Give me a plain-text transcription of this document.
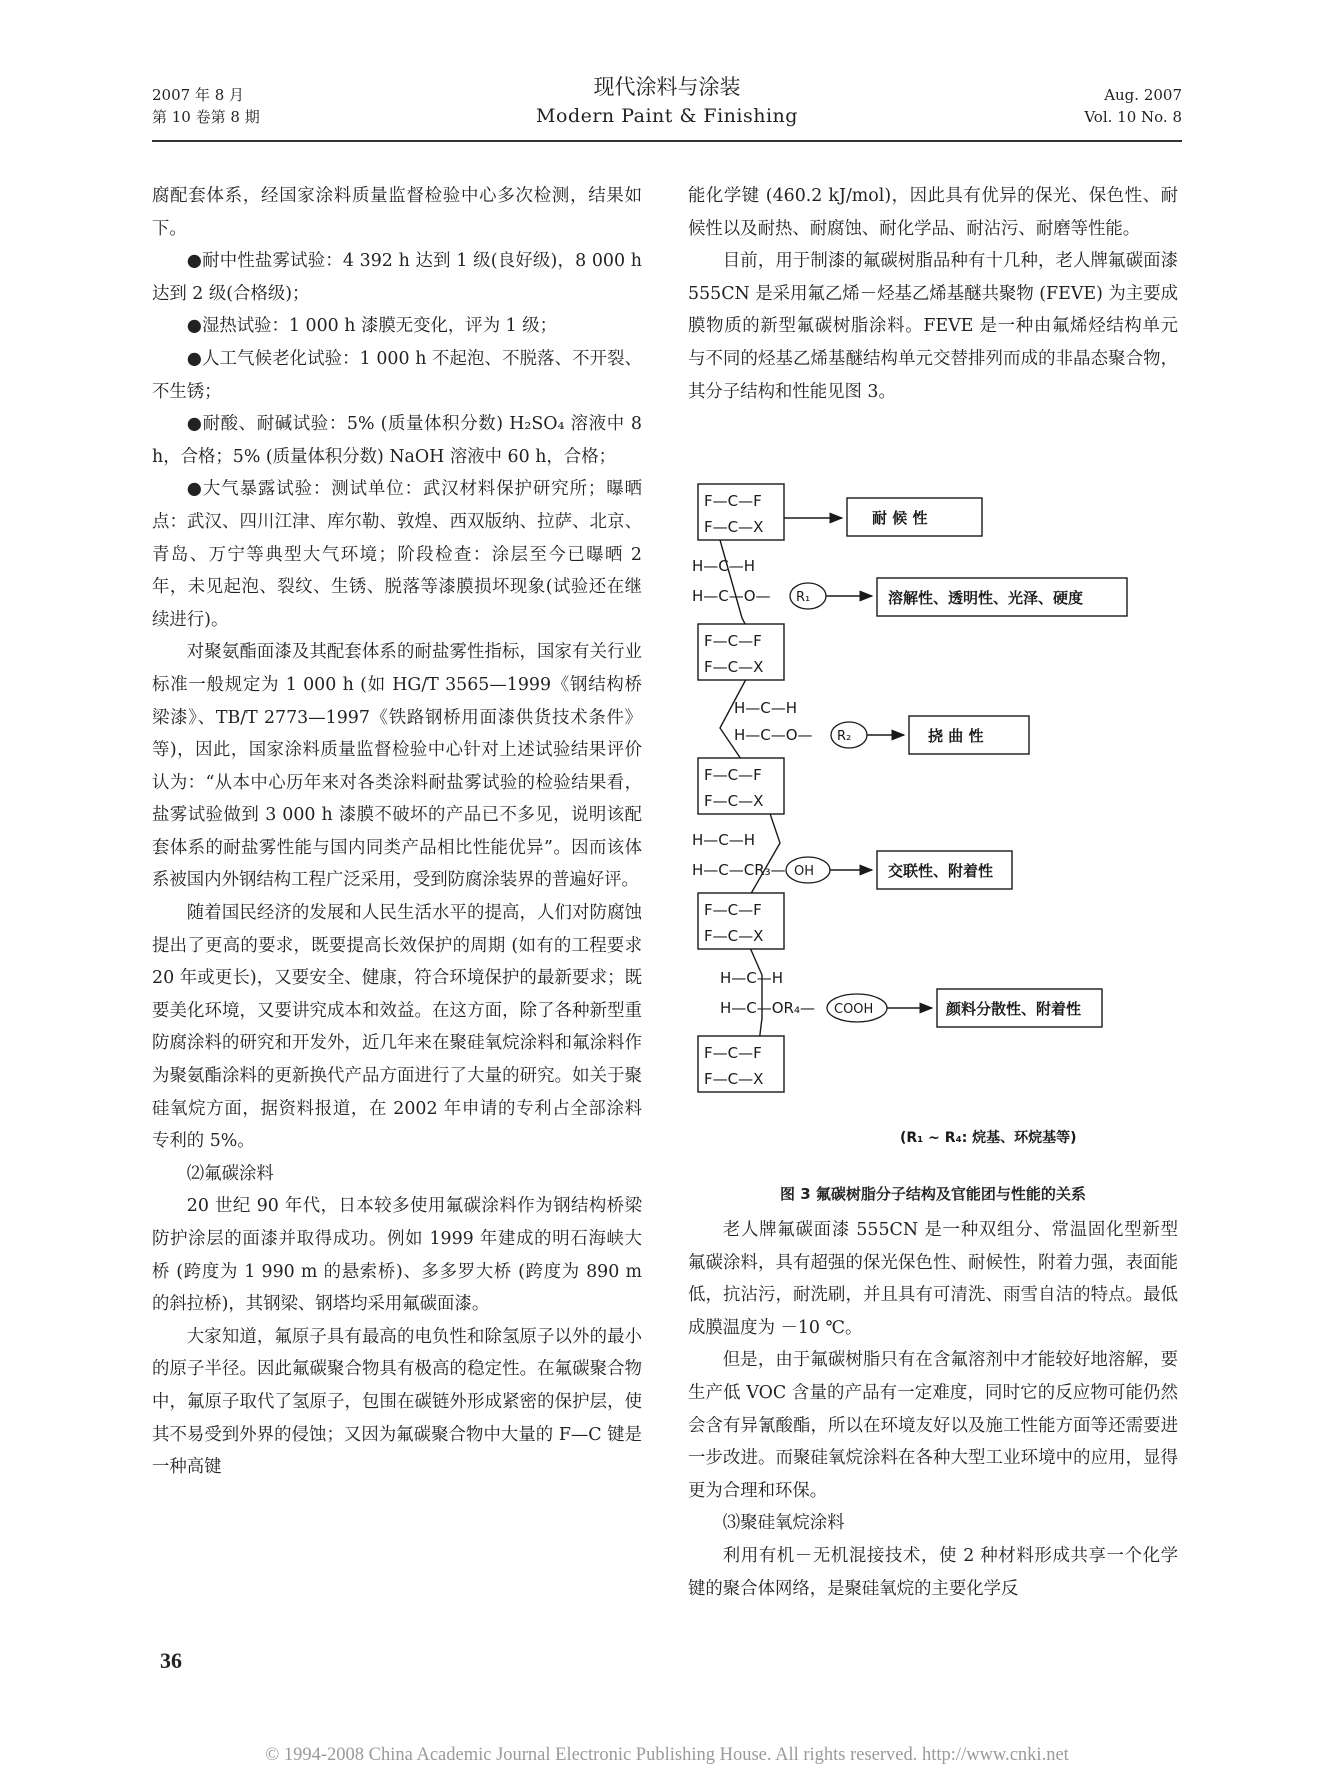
2007 年 8 月
第 10 卷第 8 期
现代涂料与涂装
Modern Paint & Finishing
Aug. 2007
Vol. 10 No. 8

腐配套体系，经国家涂料质量监督检验中心多次检测，结果如下。

●耐中性盐雾试验：4 392 h 达到 1 级(良好级)，8 000 h 达到 2 级(合格级)；

●湿热试验：1 000 h 漆膜无变化，评为 1 级；

●人工气候老化试验：1 000 h 不起泡、不脱落、不开裂、不生锈；

●耐酸、耐碱试验：5% (质量体积分数) H₂SO₄ 溶液中 8 h，合格；5% (质量体积分数) NaOH 溶液中 60 h，合格；

●大气暴露试验：测试单位：武汉材料保护研究所；曝晒点：武汉、四川江津、库尔勒、敦煌、西双版纳、拉萨、北京、青岛、万宁等典型大气环境；阶段检查：涂层至今已曝晒 2 年，未见起泡、裂纹、生锈、脱落等漆膜损坏现象(试验还在继续进行)。

对聚氨酯面漆及其配套体系的耐盐雾性指标，国家有关行业标准一般规定为 1 000 h (如 HG/T 3565—1999《钢结构桥梁漆》、TB/T 2773—1997《铁路钢桥用面漆供货技术条件》等)，因此，国家涂料质量监督检验中心针对上述试验结果评价认为：“从本中心历年来对各类涂料耐盐雾试验的检验结果看，盐雾试验做到 3 000 h 漆膜不破坏的产品已不多见，说明该配套体系的耐盐雾性能与国内同类产品相比性能优异”。因而该体系被国内外钢结构工程广泛采用，受到防腐涂装界的普遍好评。

随着国民经济的发展和人民生活水平的提高，人们对防腐蚀提出了更高的要求，既要提高长效保护的周期 (如有的工程要求 20 年或更长)，又要安全、健康，符合环境保护的最新要求；既要美化环境，又要讲究成本和效益。在这方面，除了各种新型重防腐涂料的研究和开发外，近几年来在聚硅氧烷涂料和氟涂料作为聚氨酯涂料的更新换代产品方面进行了大量的研究。如关于聚硅氧烷方面，据资料报道，在 2002 年申请的专利占全部涂料专利的 5%。

⑵氟碳涂料

20 世纪 90 年代，日本较多使用氟碳涂料作为钢结构桥梁防护涂层的面漆并取得成功。例如 1999 年建成的明石海峡大桥 (跨度为 1 990 m 的悬索桥)、多多罗大桥 (跨度为 890 m 的斜拉桥)，其钢梁、钢塔均采用氟碳面漆。

大家知道，氟原子具有最高的电负性和除氢原子以外的最小的原子半径。因此氟碳聚合物具有极高的稳定性。在氟碳聚合物中，氟原子取代了氢原子，包围在碳链外形成紧密的保护层，使其不易受到外界的侵蚀；又因为氟碳聚合物中大量的 F—C 键是一种高键

能化学键 (460.2 kJ/mol)，因此具有优异的保光、保色性、耐候性以及耐热、耐腐蚀、耐化学品、耐沾污、耐磨等性能。

目前，用于制漆的氟碳树脂品种有十几种，老人牌氟碳面漆 555CN 是采用氟乙烯－烃基乙烯基醚共聚物 (FEVE) 为主要成膜物质的新型氟碳树脂涂料。FEVE 是一种由氟烯烃结构单元与不同的烃基乙烯基醚结构单元交替排列而成的非晶态聚合物，其分子结构和性能见图 3。

F—C—F
F—C—X	耐 候 性
H—C—H
H—C—O— R₁	溶解性、透明性、光泽、硬度
F—C—F
F—C—X
H—C—H
H—C—O— R₂	挠 曲 性
F—C—F
F—C—X
H—C—H
H—C—CR₃— OH	交联性、附着性
F—C—F
F—C—X
H—C—H
H—C—OR₄— COOH	颜料分散性、附着性
F—C—F
F—C—X
(R₁ ~ R₄: 烷基、环烷基等)
图 3 氟碳树脂分子结构及官能团与性能的关系

老人牌氟碳面漆 555CN 是一种双组分、常温固化型新型氟碳涂料，具有超强的保光保色性、耐候性，附着力强，表面能低，抗沾污，耐洗刷，并且具有可清洗、雨雪自洁的特点。最低成膜温度为 －10 ℃。

但是，由于氟碳树脂只有在含氟溶剂中才能较好地溶解，要生产低 VOC 含量的产品有一定难度，同时它的反应物可能仍然会含有异氰酸酯，所以在环境友好以及施工性能方面等还需要进一步改进。而聚硅氧烷涂料在各种大型工业环境中的应用，显得更为合理和环保。

⑶聚硅氧烷涂料

利用有机－无机混接技术，使 2 种材料形成共享一个化学键的聚合体网络，是聚硅氧烷的主要化学反

36
© 1994-2008 China Academic Journal Electronic Publishing House. All rights reserved. http://www.cnki.net
